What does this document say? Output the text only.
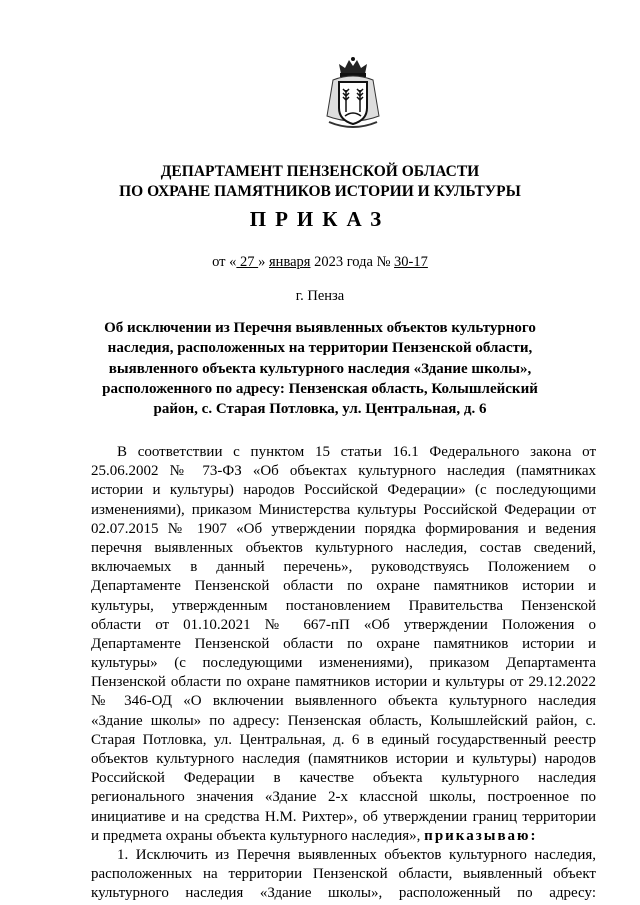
ДЕПАРТАМЕНТ ПЕНЗЕНСКОЙ ОБЛАСТИ
ПО ОХРАНЕ ПАМЯТНИКОВ ИСТОРИИ И КУЛЬТУРЫ
ПРИКАЗ
от « 27 » января 2023 года № 30-17
г. Пенза
Об исключении из Перечня выявленных объектов культурного
наследия, расположенных на территории Пензенской области,
выявленного объекта культурного наследия «Здание школы»,
расположенного по адресу: Пензенская область, Колышлейский
район, с. Старая Потловка, ул. Центральная, д. 6
В соответствии с пунктом 15 статьи 16.1 Федерального закона от
25.06.2002 № 73-ФЗ «Об объектах культурного наследия (памятниках
истории и культуры) народов Российской Федерации» (с последующими
изменениями), приказом Министерства культуры Российской Федерации от
02.07.2015 № 1907 «Об утверждении порядка формирования и ведения
перечня выявленных объектов культурного наследия, состав сведений,
включаемых в данный перечень», руководствуясь Положением о
Департаменте Пензенской области по охране памятников истории и
культуры, утвержденным постановлением Правительства Пензенской
области от 01.10.2021 № 667-пП «Об утверждении Положения о
Департаменте Пензенской области по охране памятников истории и
культуры» (с последующими изменениями), приказом Департамента
Пензенской области по охране памятников истории и культуры от 29.12.2022
№ 346-ОД «О включении выявленного объекта культурного наследия
«Здание школы» по адресу: Пензенская область, Колышлейский район, с.
Старая Потловка, ул. Центральная, д. 6 в единый государственный реестр
объектов культурного наследия (памятников истории и культуры) народов
Российской Федерации в качестве объекта культурного наследия
регионального значения «Здание 2-х классной школы, построенное по
инициативе и на средства Н.М. Рихтер», об утверждении границ территории
и предмета охраны объекта культурного наследия», приказываю:
1. Исключить из Перечня выявленных объектов культурного наследия,
расположенных на территории Пензенской области, выявленный объект
культурного наследия «Здание школы», расположенный по адресу:
